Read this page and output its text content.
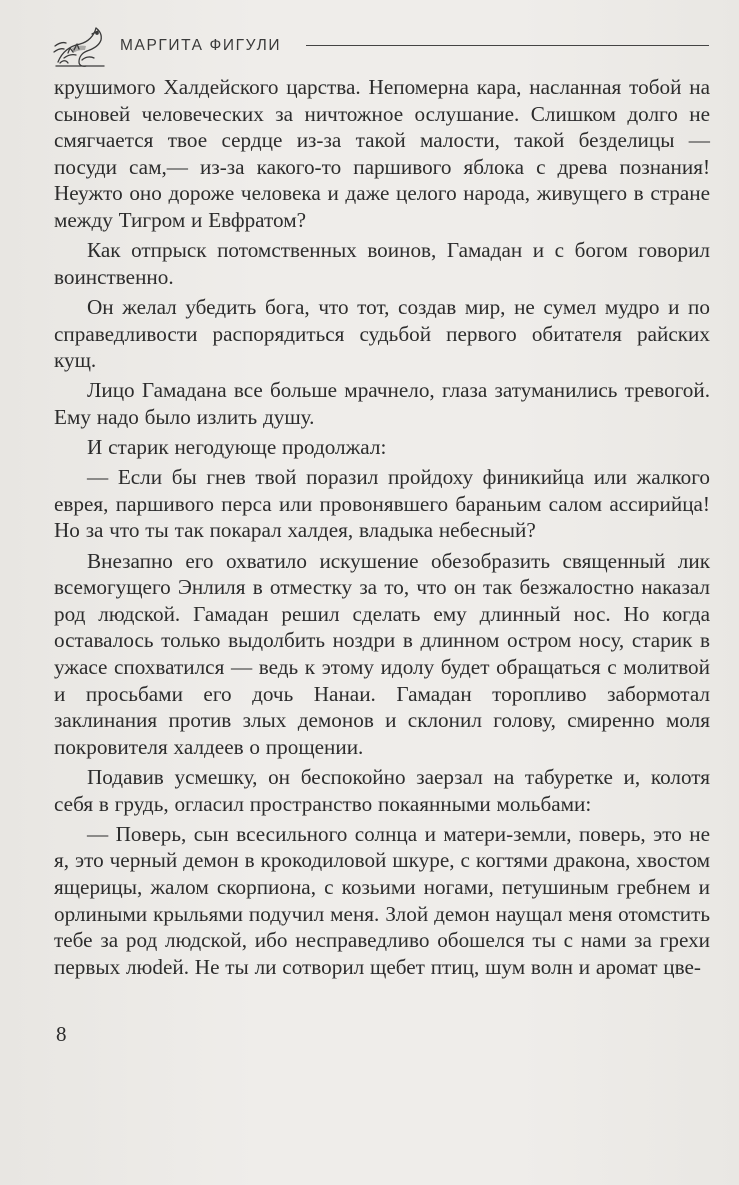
МАРГИТА ФИГУЛИ

крушимого Халдейского царства. Непомерна кара, насланная тобой на сыновей человеческих за ничтожное ослушание. Слишком долго не смягчается твое сердце из-за такой малости, такой безделицы — посуди сам,— из-за какого-то паршивого яблока с древа познания! Неужто оно дороже человека и даже целого народа, живущего в стране между Тигром и Евфратом?

Как отпрыск потомственных воинов, Гамадан и с богом говорил воинственно.

Он желал убедить бога, что тот, создав мир, не сумел мудро и по справедливости распорядиться судьбой первого обитателя райских кущ.

Лицо Гамадана все больше мрачнело, глаза затуманились тревогой. Ему надо было излить душу.

И старик негодующе продолжал:

— Если бы гнев твой поразил пройдоху финикийца или жалкого еврея, паршивого перса или провонявшего бараньим салом ассирийца! Но за что ты так покарал халдея, владыка небесный?

Внезапно его охватило искушение обезобразить священный лик всемогущего Энлиля в отместку за то, что он так безжалостно наказал род людской. Гамадан решил сделать ему длинный нос. Но когда оставалось только выдолбить ноздри в длинном остром носу, старик в ужасе спохватился — ведь к этому идолу будет обращаться с молитвой и просьбами его дочь Нанаи. Гамадан торопливо забормотал заклинания против злых демонов и склонил голову, смиренно моля покровителя халдеев о прощении.

Подавив усмешку, он беспокойно заерзал на табуретке и, колотя себя в грудь, огласил пространство покаянными мольбами:

— Поверь, сын всесильного солнца и матери-земли, поверь, это не я, это черный демон в крокодиловой шкуре, с когтями дракона, хвостом ящерицы, жалом скорпиона, с козьими ногами, петушиным гребнем и орлиными крыльями подучил меня. Злой демон наущал меня отомстить тебе за род людской, ибо несправедливо обошелся ты с нами за грехи первых люdей. Не ты ли сотворил щебет птиц, шум волн и аромат цве-

8
